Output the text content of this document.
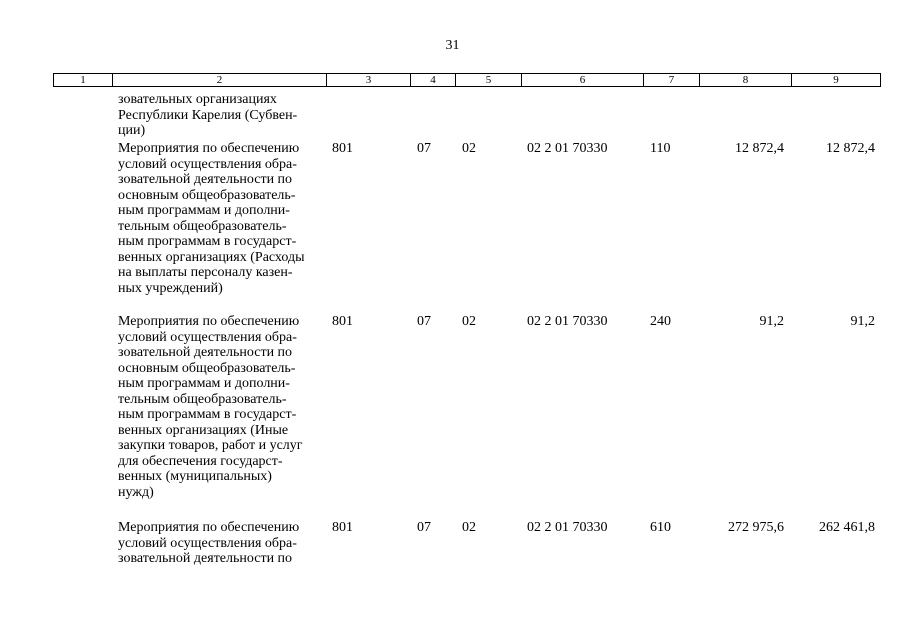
31
1	2	3	4	5	6	7	8	9
зовательных организациях
Республики Карелия (Субвен-
ции)
Мероприятия по обеспечению
условий осуществления обра-
зовательной деятельности по
основным общеобразователь-
ным программам и дополни-
тельным общеобразователь-
ным программам в государст-
венных организациях (Расходы
на выплаты персоналу казен-
ных учреждений)
801	07 02	02 2 01 70330	110	12 872,4	12 872,4
Мероприятия по обеспечению
условий осуществления обра-
зовательной деятельности по
основным общеобразователь-
ным программам и дополни-
тельным общеобразователь-
ным программам в государст-
венных организациях (Иные
закупки товаров, работ и услуг
для обеспечения государст-
венных (муниципальных)
нужд)
801	07 02	02 2 01 70330	240	91,2	91,2
Мероприятия по обеспечению
условий осуществления обра-
зовательной деятельности по
801	07 02	02 2 01 70330	610	272 975,6	262 461,8
